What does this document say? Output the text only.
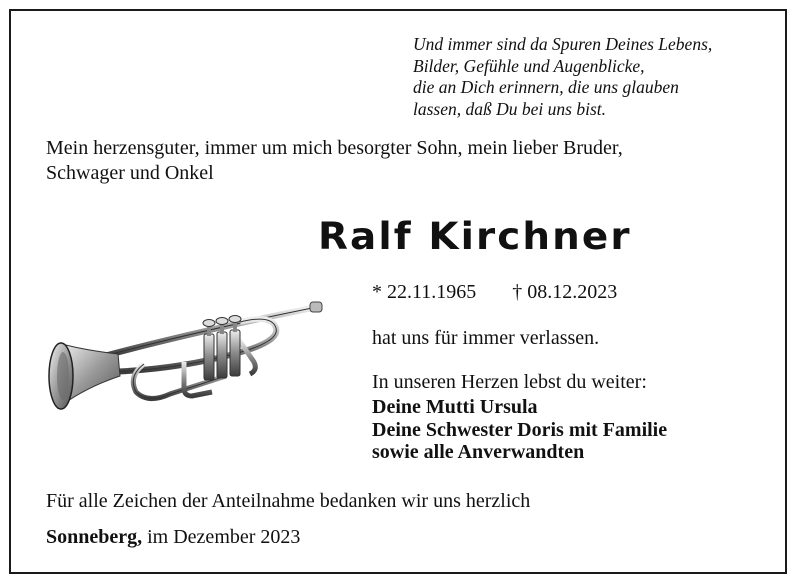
Und immer sind da Spuren Deines Lebens,
Bilder, Gefühle und Augenblicke,
die an Dich erinnern, die uns glauben
lassen, daß Du bei uns bist.
Mein herzensguter, immer um mich besorgter Sohn, mein lieber Bruder,
Schwager und Onkel
Ralf Kirchner
* 22.11.1965 † 08.12.2023
hat uns für immer verlassen.
In unseren Herzen lebst du weiter:
Deine Mutti Ursula
Deine Schwester Doris mit Familie
sowie alle Anverwandten
Für alle Zeichen der Anteilnahme bedanken wir uns herzlich
Sonneberg, im Dezember 2023
